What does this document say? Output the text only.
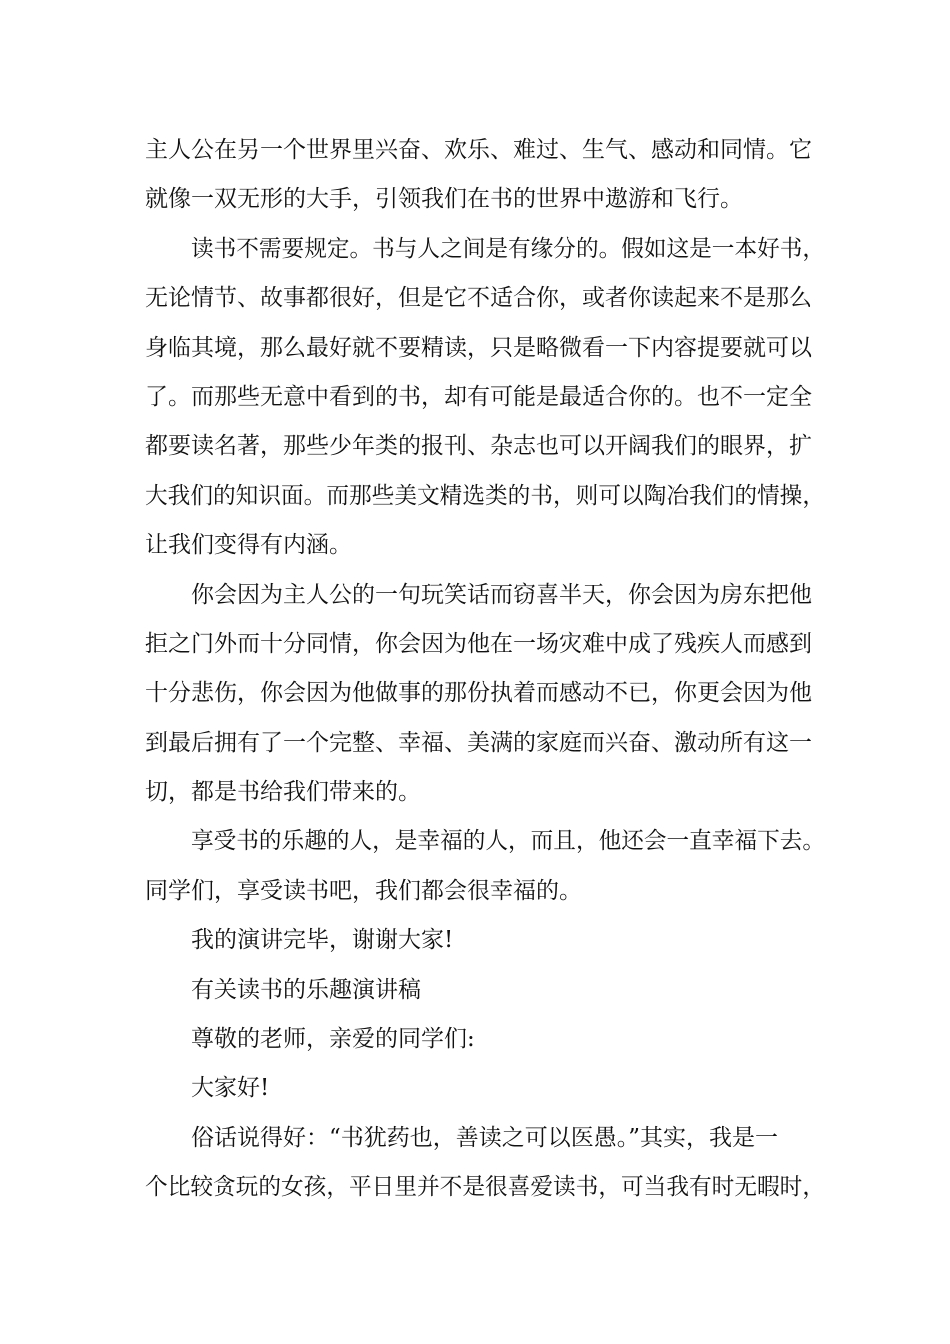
主人公在另一个世界里兴奋、欢乐、难过、生气、感动和同情。它
就像一双无形的大手，引领我们在书的世界中遨游和飞行。
读书不需要规定。书与人之间是有缘分的。假如这是一本好书，
无论情节、故事都很好，但是它不适合你，或者你读起来不是那么
身临其境，那么最好就不要精读，只是略微看一下内容提要就可以
了。而那些无意中看到的书，却有可能是最适合你的。也不一定全
都要读名著，那些少年类的报刊、杂志也可以开阔我们的眼界，扩
大我们的知识面。而那些美文精选类的书，则可以陶冶我们的情操，
让我们变得有内涵。
你会因为主人公的一句玩笑话而窃喜半天，你会因为房东把他
拒之门外而十分同情，你会因为他在一场灾难中成了残疾人而感到
十分悲伤，你会因为他做事的那份执着而感动不已，你更会因为他
到最后拥有了一个完整、幸福、美满的家庭而兴奋、激动所有这一
切，都是书给我们带来的。
享受书的乐趣的人，是幸福的人，而且，他还会一直幸福下去。
同学们，享受读书吧，我们都会很幸福的。
我的演讲完毕，谢谢大家!
有关读书的乐趣演讲稿
尊敬的老师，亲爱的同学们:
大家好!
俗话说得好：“书犹药也，善读之可以医愚。”其实，我是一
个比较贪玩的女孩，平日里并不是很喜爱读书，可当我有时无暇时，
